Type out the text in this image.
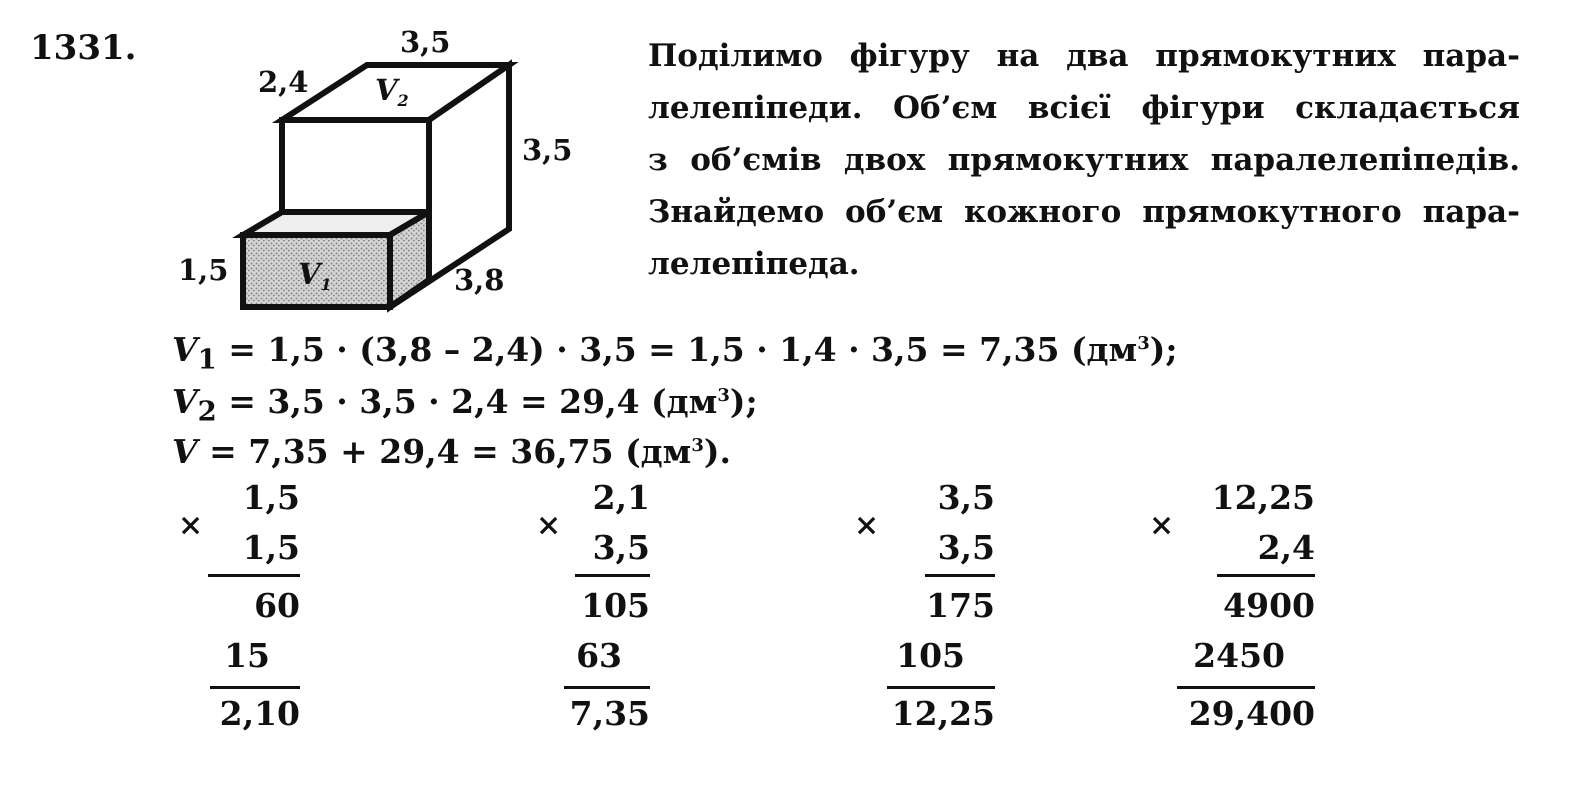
1331.	3,5
2,4
3,5
1,5	3,8
$V_2$
$V_1$
Поділимо фігуру на два прямокутних пара-
лелепіпеди. Об’єм всієї фігури складається
з об’ємів двох прямокутних паралелепіпедів.
Знайдемо об’єм кожного прямокутного пара-
лелепіпеда.
$V_1 = 1,5 \cdot (3,8 - 2,4) \cdot 3,5 = 1,5 \cdot 1,4 \cdot 3,5 = 7,35$ $(дм^3)$;
$V_2 = 3,5 \cdot 3,5 \cdot 2,4 = 29,4$ $(дм^3)$;
V = 7,35 + 29,4 = 36,75 $(дм^3)$.
×
1,5
1,5
60
15
2,10
×
2,1
3,5
105
63
7,35
×
3,5
3,5
175
105
12,25
×
12,25
2,4
4900
2450
29,400
